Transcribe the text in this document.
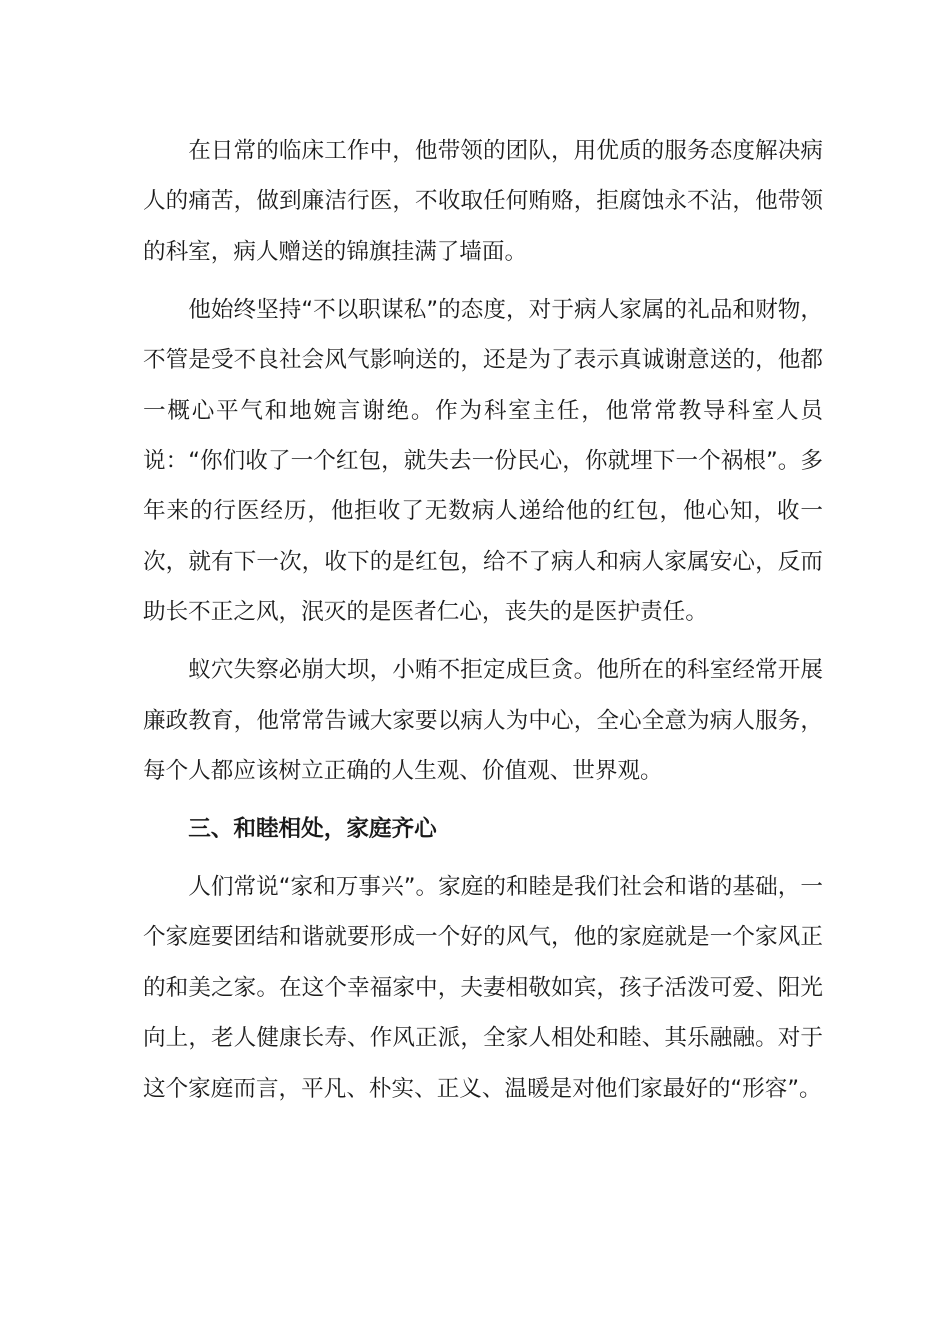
在日常的临床工作中，他带领的团队，用优质的服务态度解决病人的痛苦，做到廉洁行医，不收取任何贿赂，拒腐蚀永不沾，他带领的科室，病人赠送的锦旗挂满了墙面。

他始终坚持“不以职谋私”的态度，对于病人家属的礼品和财物，不管是受不良社会风气影响送的，还是为了表示真诚谢意送的，他都一概心平气和地婉言谢绝。作为科室主任，他常常教导科室人员说：“你们收了一个红包，就失去一份民心，你就埋下一个祸根”。多年来的行医经历，他拒收了无数病人递给他的红包，他心知，收一次，就有下一次，收下的是红包，给不了病人和病人家属安心，反而助长不正之风，泯灭的是医者仁心，丧失的是医护责任。

蚁穴失察必崩大坝，小贿不拒定成巨贪。他所在的科室经常开展廉政教育，他常常告诫大家要以病人为中心，全心全意为病人服务，每个人都应该树立正确的人生观、价值观、世界观。

三、和睦相处，家庭齐心

人们常说“家和万事兴”。家庭的和睦是我们社会和谐的基础，一个家庭要团结和谐就要形成一个好的风气，他的家庭就是一个家风正的和美之家。在这个幸福家中，夫妻相敬如宾，孩子活泼可爱、阳光向上，老人健康长寿、作风正派，全家人相处和睦、其乐融融。对于这个家庭而言，平凡、朴实、正义、温暖是对他们家最好的“形容”。
